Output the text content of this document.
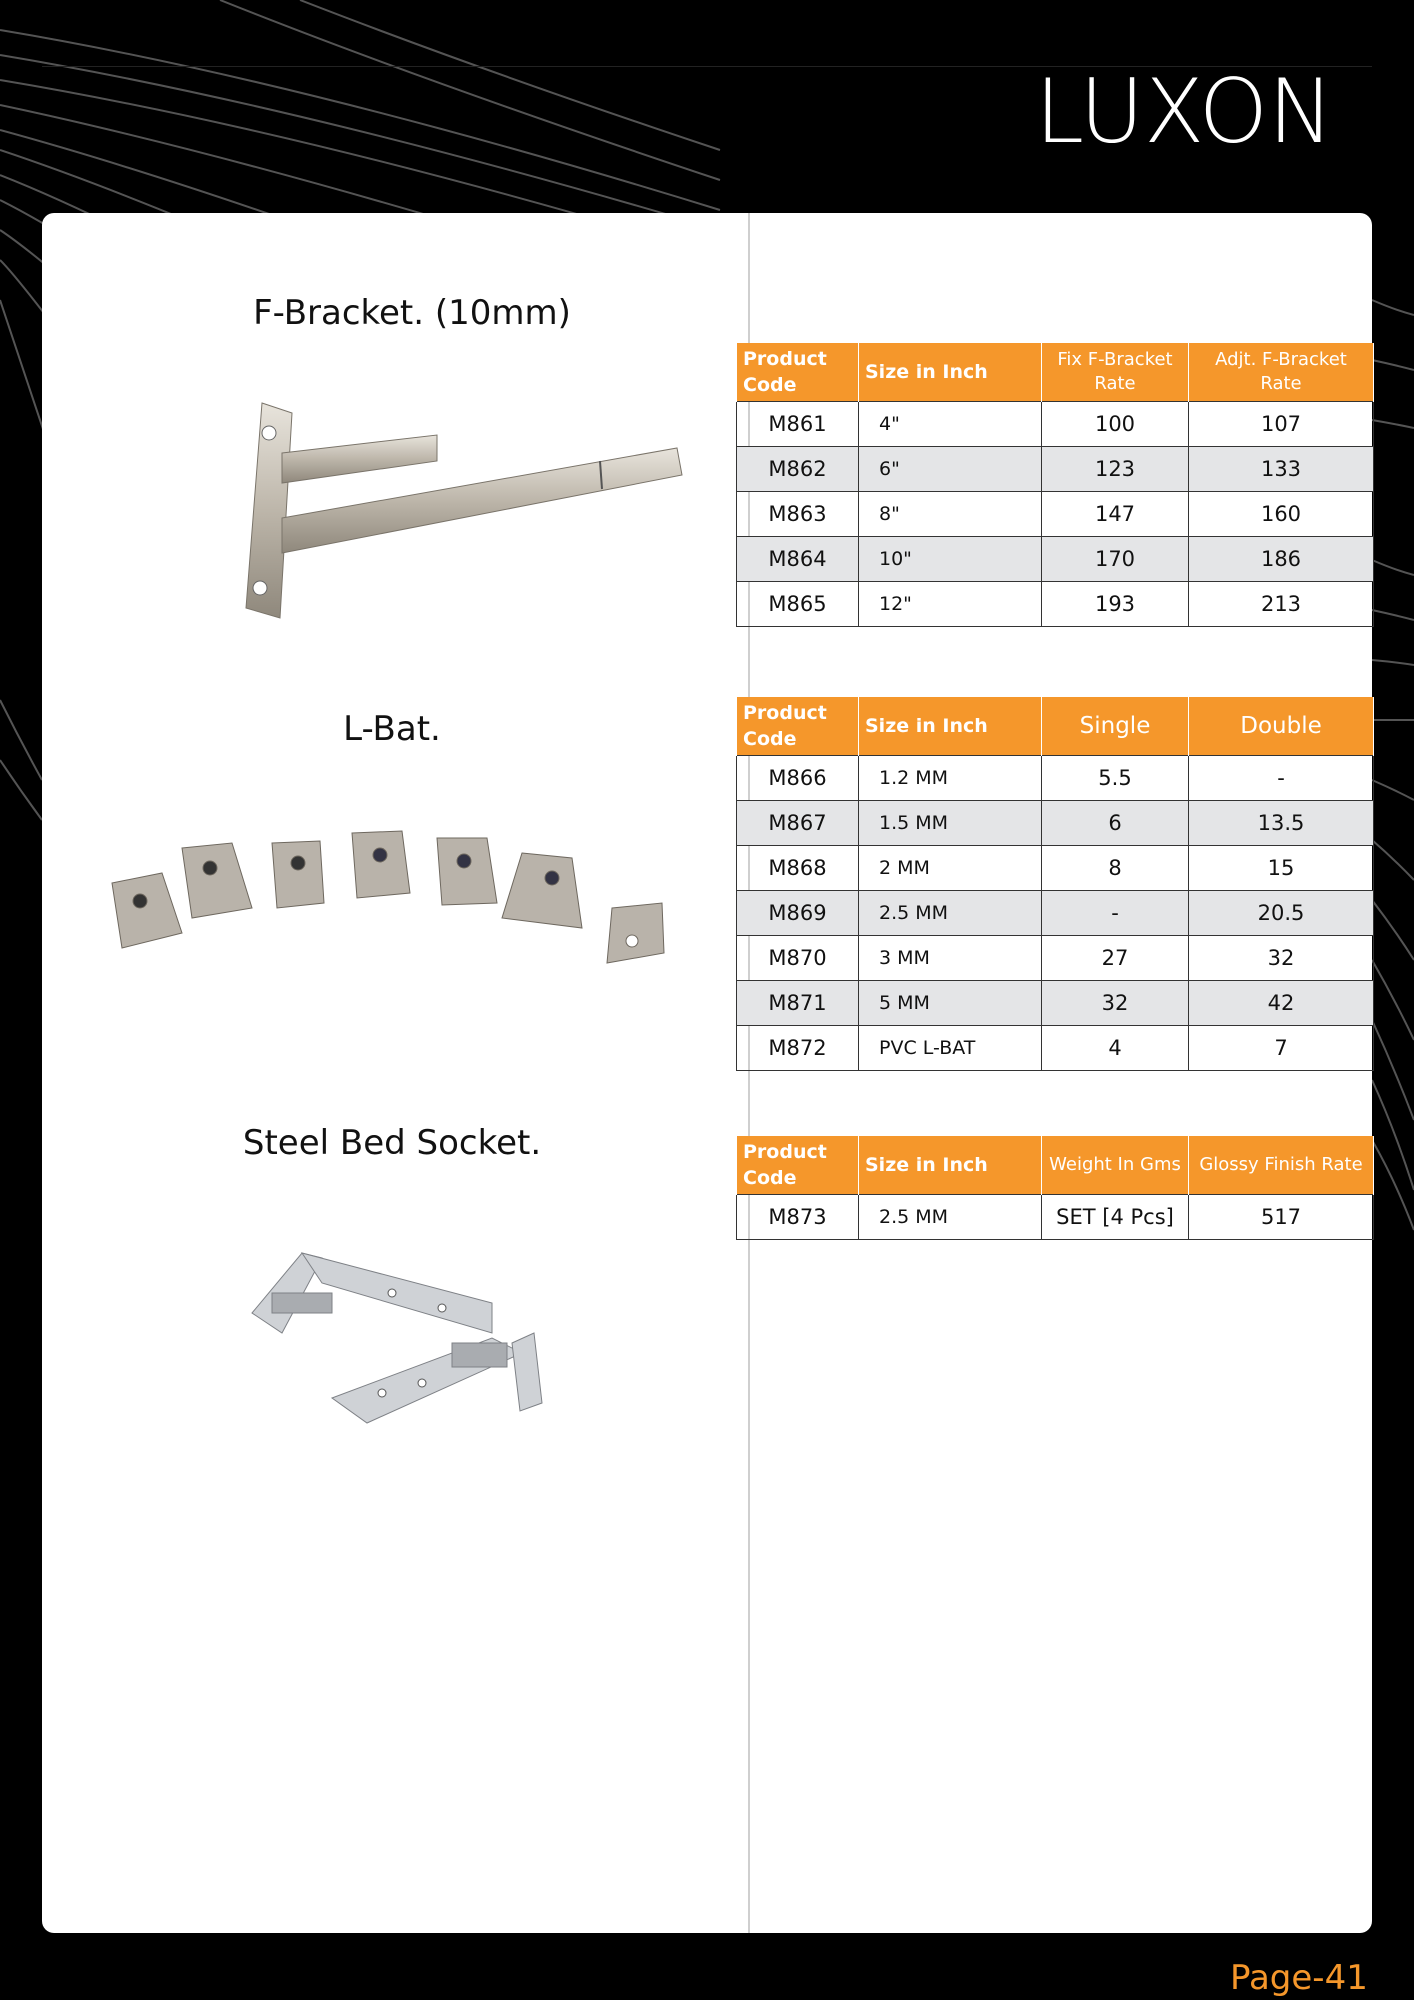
LUXON
F-Bracket. (10mm)
L-Bat.
Steel Bed Socket.
Product Code	Size in Inch	Fix F-Bracket Rate	Adjt. F-Bracket Rate
M861	4"	100	107
M862	6"	123	133
M863	8"	147	160
M864	10"	170	186
M865	12"	193	213
Product Code	Size in Inch	Single	Double
M866	1.2 MM	5.5	-
M867	1.5 MM	6	13.5
M868	2 MM	8	15
M869	2.5 MM	-	20.5
M870	3 MM	27	32
M871	5 MM	32	42
M872	PVC L-BAT	4	7
Product Code	Size in Inch	Weight In Gms	Glossy Finish Rate
M873	2.5 MM	SET [4 Pcs]	517
Page-41
